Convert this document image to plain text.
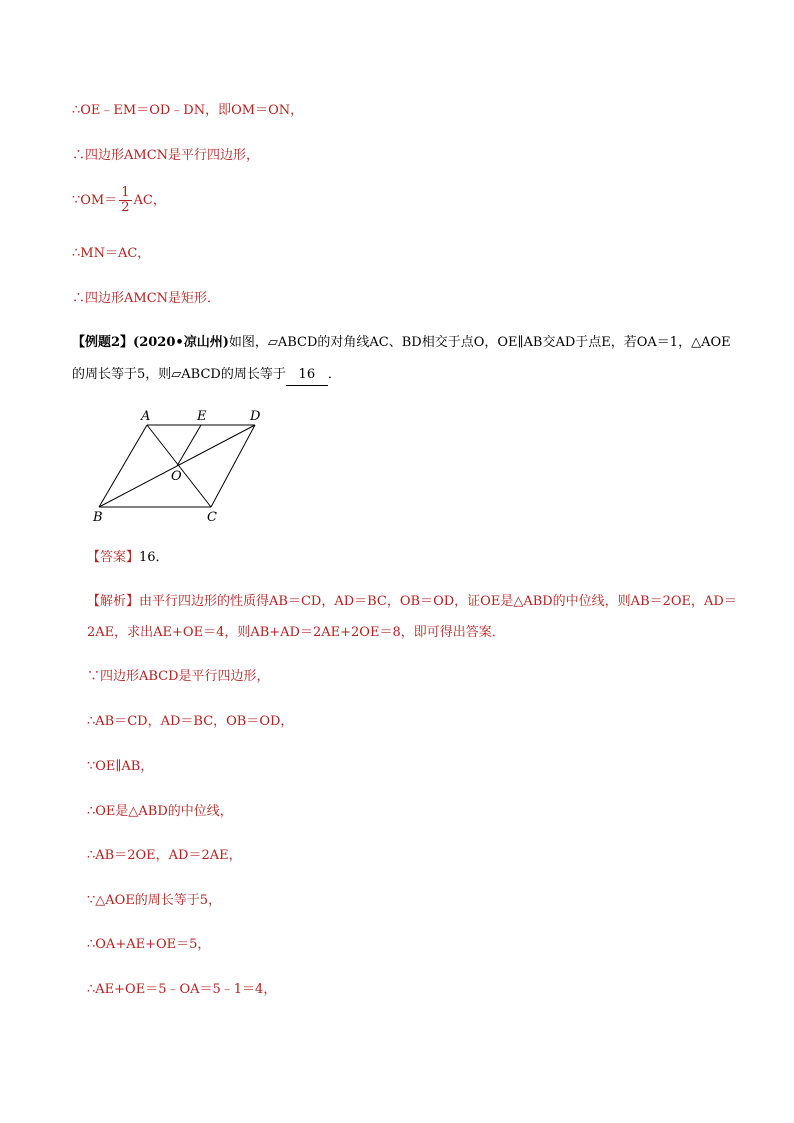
∴OE﹣EM＝OD﹣DN，即OM＝ON，
∴四边形AMCN是平行四边形，
∵OM＝ $\frac{1}{2}$ AC，
∴MN＝AC，
∴四边形AMCN是矩形．
【例题2】(2020•凉山州)如图，▱ABCD的对角线AC、BD相交于点O，OE∥AB交AD于点E，若OA＝1，△AOE
的周长等于5，则▱ABCD的周长等于 16 ．
A	E	D
O
B	C
【答案】16．
【解析】由平行四边形的性质得AB＝CD，AD＝BC，OB＝OD，证OE是△ABD的中位线，则AB＝2OE，AD＝
2AE，求出AE+OE＝4，则AB+AD＝2AE+2OE＝8，即可得出答案．
∵四边形ABCD是平行四边形，
∴AB＝CD，AD＝BC，OB＝OD，
∵OE∥AB，
∴OE是△ABD的中位线，
∴AB＝2OE，AD＝2AE，
∵△AOE的周长等于5，
∴OA+AE+OE＝5，
∴AE+OE＝5﹣OA＝5﹣1＝4，
